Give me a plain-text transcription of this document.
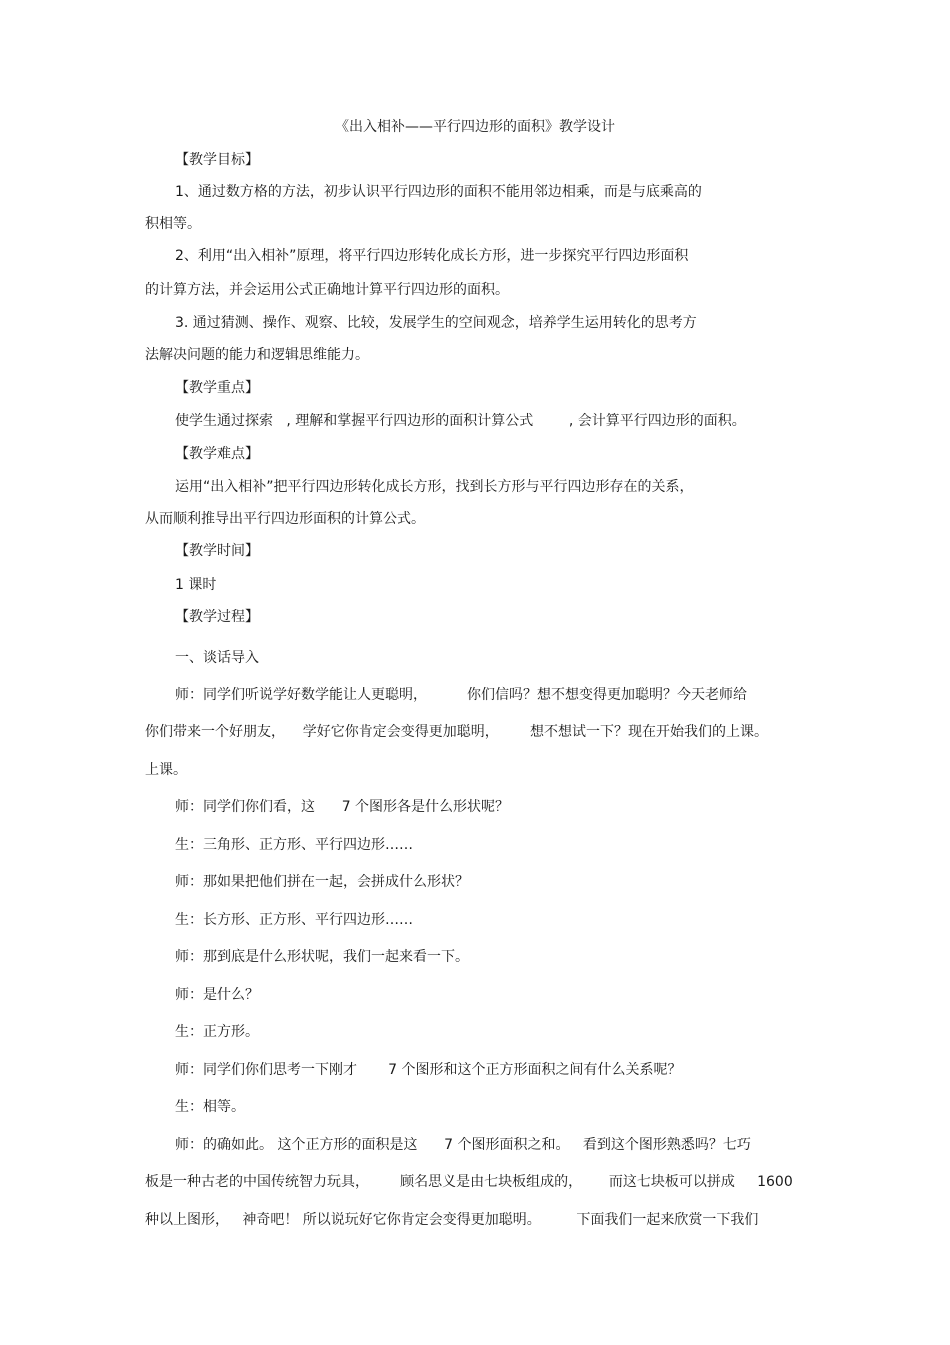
《出入相补——平行四边形的面积》教学设计
【教学目标】
1、通过数方格的方法，初步认识平行四边形的面积不能用邻边相乘，而是与底乘高的
积相等。
2、利用“出入相补”原理，将平行四边形转化成长方形，进一步探究平行四边形面积
的计算方法，并会运用公式正确地计算平行四边形的面积。
3. 通过猜测、操作、观察、比较，发展学生的空间观念，培养学生运用转化的思考方
法解决问题的能力和逻辑思维能力。
【教学重点】
使学生通过探索   , 理解和掌握平行四边形的面积计算公式        , 会计算平行四边形的面积。
【教学难点】
运用“出入相补”把平行四边形转化成长方形，找到长方形与平行四边形存在的关系，
从而顺利推导出平行四边形面积的计算公式。
【教学时间】
1 课时
【教学过程】
一、谈话导入
师：同学们听说学好数学能让人更聪明，         你们信吗？想不想变得更加聪明？今天老师给
你们带来一个好朋友，    学好它你肯定会变得更加聪明，       想不想试一下？现在开始我们的上课。
上课。
师：同学们你们看，这      7 个图形各是什么形状呢？
生：三角形、正方形、平行四边形……
师：那如果把他们拼在一起，会拼成什么形状？
生：长方形、正方形、平行四边形……
师：那到底是什么形状呢，我们一起来看一下。
师：是什么？
生：正方形。
师：同学们你们思考一下刚才       7 个图形和这个正方形面积之间有什么关系呢？
生：相等。
师：的确如此。 这个正方形的面积是这      7 个图形面积之和。   看到这个图形熟悉吗？七巧
板是一种古老的中国传统智力玩具，       顾名思义是由七块板组成的，      而这七块板可以拼成     1600
种以上图形，   神奇吧！ 所以说玩好它你肯定会变得更加聪明。        下面我们一起来欣赏一下我们
